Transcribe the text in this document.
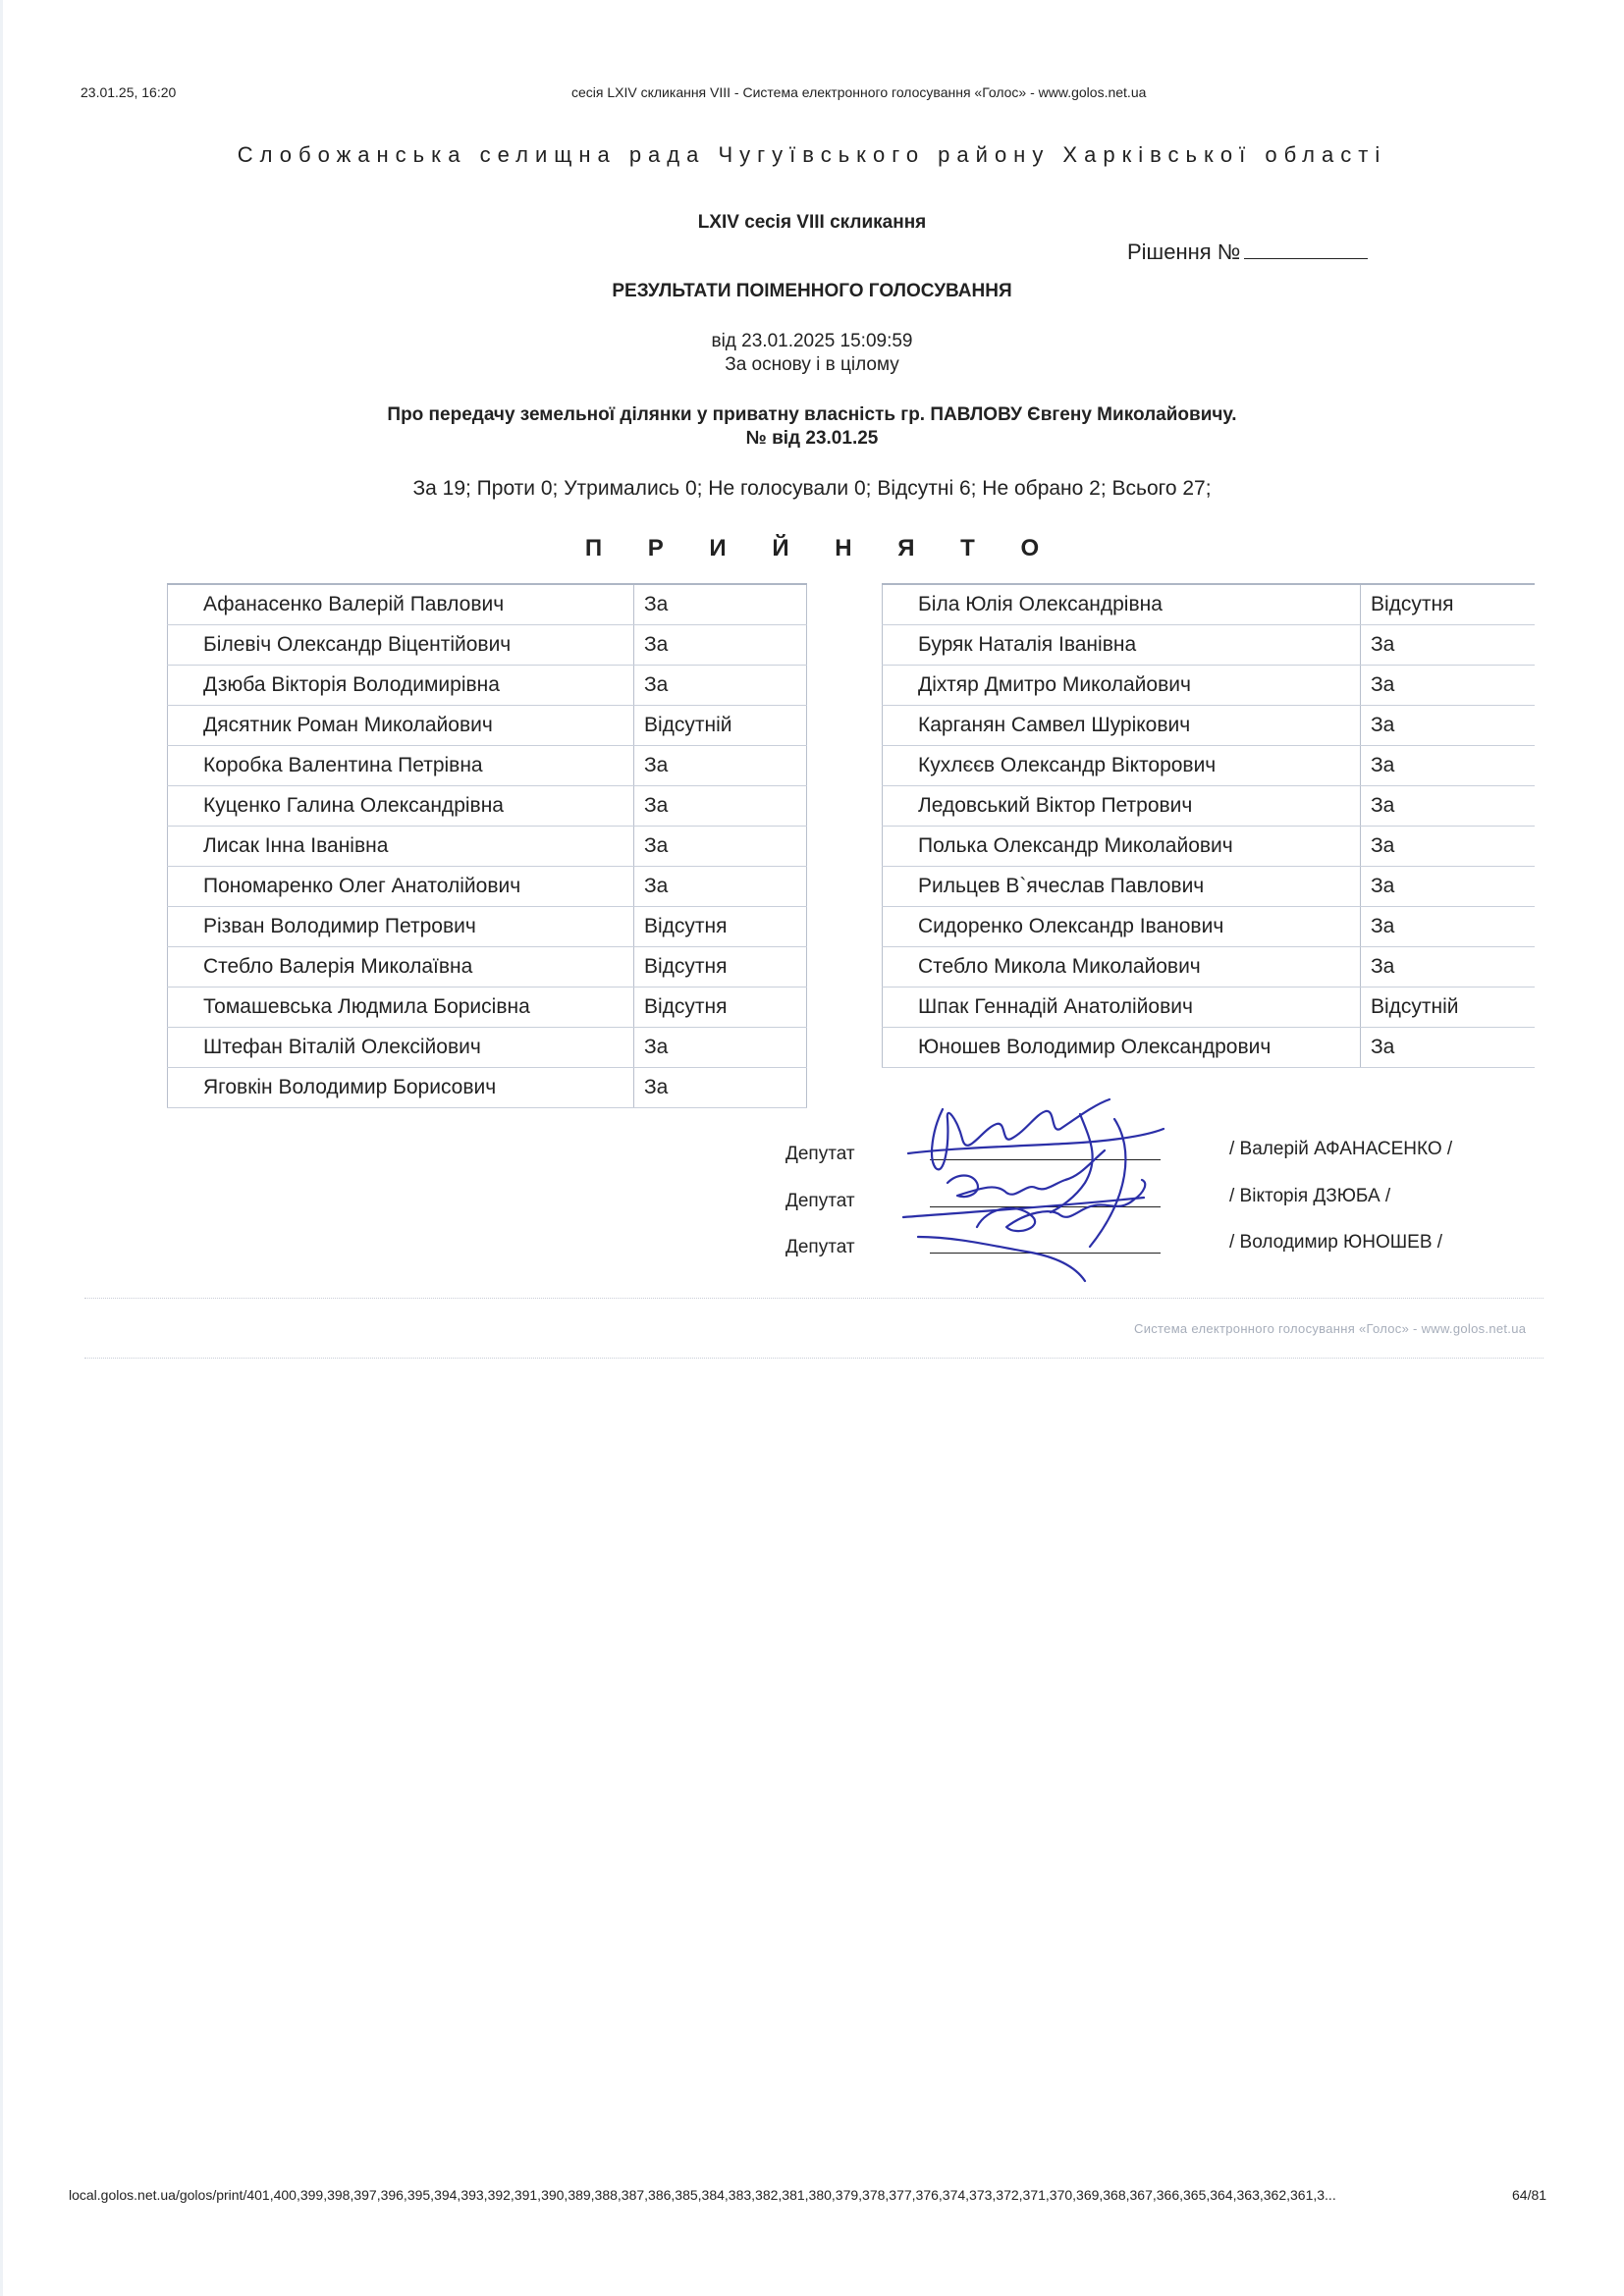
23.01.25, 16:20	сесія LXIV скликання VIII - Система електронного голосування «Голос» - www.golos.net.ua
Слобожанська селищна рада Чугуївського району Харківської області
LXIV сесія VIII скликання
Рішення №
РЕЗУЛЬТАТИ ПОІМЕННОГО ГОЛОСУВАННЯ
від 23.01.2025 15:09:59
За основу і в цілому
Про передачу земельної ділянки у приватну власність гр. ПАВЛОВУ Євгену Миколайовичу.
№ від 23.01.25
За 19; Проти 0; Утримались 0; Не голосували 0; Відсутні 6; Не обрано 2; Всього 27;
П Р И Й Н Я Т О
Афанасенко Валерій Павлович	За
Білевіч Олександр Віцентійович	За
Дзюба Вікторія Володимирівна	За
Дясятник Роман Миколайович	Відсутній
Коробка Валентина Петрівна	За
Куценко Галина Олександрівна	За
Лисак Інна Іванівна	За
Пономаренко Олег Анатолійович	За
Різван Володимир Петрович	Відсутня
Стебло Валерія Миколаївна	Відсутня
Томашевська Людмила Борисівна	Відсутня
Штефан Віталій Олексійович	За
Яговкін Володимир Борисович	За
Біла Юлія Олександрівна	Відсутня
Буряк Наталія Іванівна	За
Діхтяр Дмитро Миколайович	За
Карганян Самвел Шурікович	За
Кухлєєв Олександр Вікторович	За
Ледовський Віктор Петрович	За
Полька Олександр Миколайович	За
Рильцев В`ячеслав Павлович	За
Сидоренко Олександр Іванович	За
Стебло Микола Миколайович	За
Шпак Геннадій Анатолійович	Відсутній
Юношев Володимир Олександрович	За
Депутат
Депутат
Депутат
/ Валерій АФАНАСЕНКО /
/ Вікторія ДЗЮБА /
/ Володимир ЮНОШЕВ /
Система електронного голосування «Голос» - www.golos.net.ua
local.golos.net.ua/golos/print/401,400,399,398,397,396,395,394,393,392,391,390,389,388,387,386,385,384,383,382,381,380,379,378,377,376,374,373,372,371,370,369,368,367,366,365,364,363,362,361,3...	64/81
